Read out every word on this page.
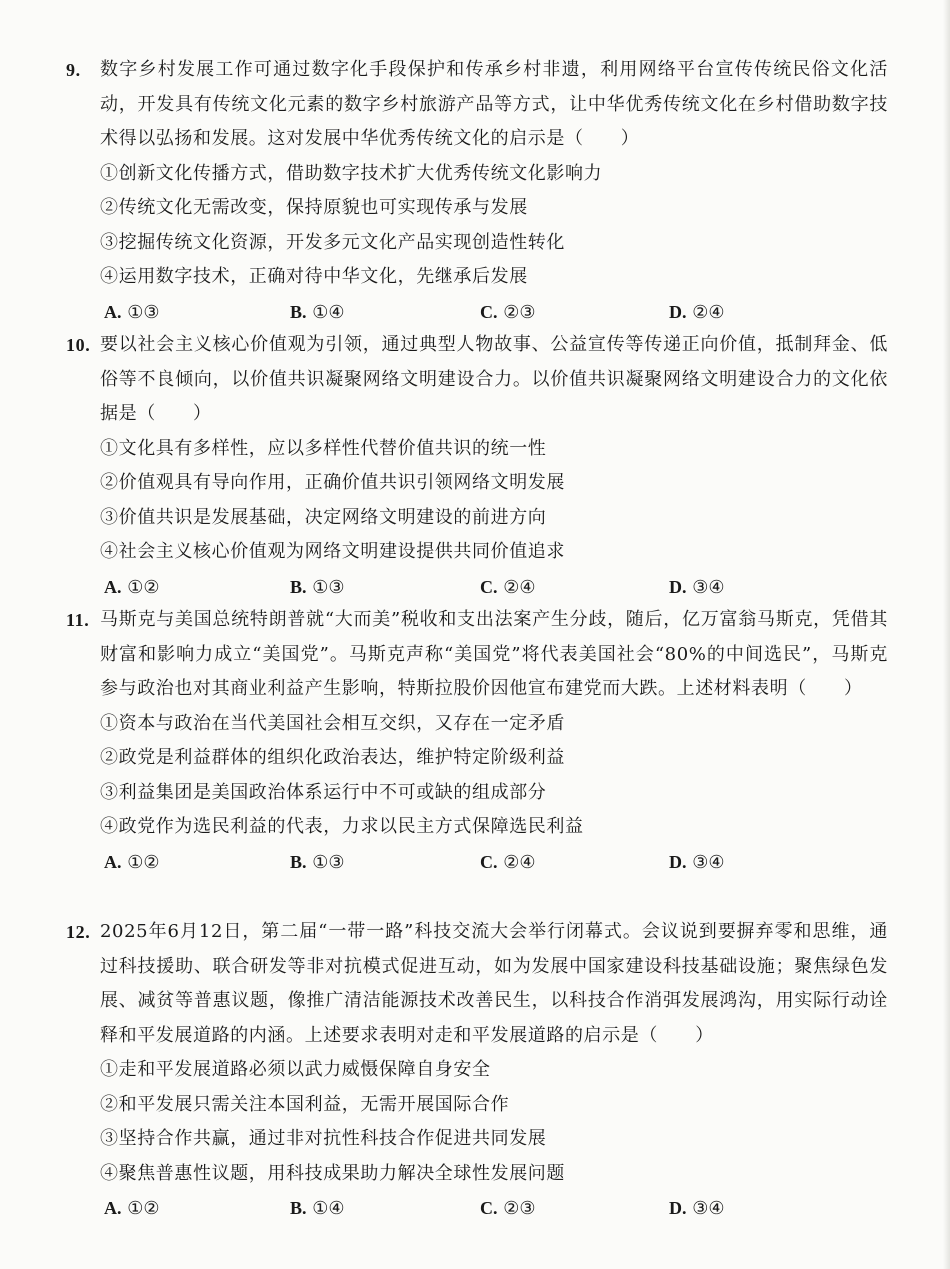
9. 数字乡村发展工作可通过数字化手段保护和传承乡村非遗，利用网络平台宣传传统民俗文化活动，开发具有传统文化元素的数字乡村旅游产品等方式，让中华优秀传统文化在乡村借助数字技术得以弘扬和发展。这对发展中华优秀传统文化的启示是（　　）
①创新文化传播方式，借助数字技术扩大优秀传统文化影响力
②传统文化无需改变，保持原貌也可实现传承与发展
③挖掘传统文化资源，开发多元文化产品实现创造性转化
④运用数字技术，正确对待中华文化，先继承后发展
A. ①③	B. ①④	C. ②③	D. ②④
10. 要以社会主义核心价值观为引领，通过典型人物故事、公益宣传等传递正向价值，抵制拜金、低俗等不良倾向，以价值共识凝聚网络文明建设合力。以价值共识凝聚网络文明建设合力的文化依据是（　　）
①文化具有多样性，应以多样性代替价值共识的统一性
②价值观具有导向作用，正确价值共识引领网络文明发展
③价值共识是发展基础，决定网络文明建设的前进方向
④社会主义核心价值观为网络文明建设提供共同价值追求
A. ①②	B. ①③	C. ②④	D. ③④
11. 马斯克与美国总统特朗普就“大而美”税收和支出法案产生分歧，随后，亿万富翁马斯克，凭借其财富和影响力成立“美国党”。马斯克声称“美国党”将代表美国社会“80%的中间选民”，马斯克参与政治也对其商业利益产生影响，特斯拉股价因他宣布建党而大跌。上述材料表明（　　）
①资本与政治在当代美国社会相互交织，又存在一定矛盾
②政党是利益群体的组织化政治表达，维护特定阶级利益
③利益集团是美国政治体系运行中不可或缺的组成部分
④政党作为选民利益的代表，力求以民主方式保障选民利益
A. ①②	B. ①③	C. ②④	D. ③④
12. 2025年6月12日，第二届“一带一路”科技交流大会举行闭幕式。会议说到要摒弃零和思维，通过科技援助、联合研发等非对抗模式促进互动，如为发展中国家建设科技基础设施；聚焦绿色发展、减贫等普惠议题，像推广清洁能源技术改善民生，以科技合作消弭发展鸿沟，用实际行动诠释和平发展道路的内涵。上述要求表明对走和平发展道路的启示是（　　）
①走和平发展道路必须以武力威慑保障自身安全
②和平发展只需关注本国利益，无需开展国际合作
③坚持合作共赢，通过非对抗性科技合作促进共同发展
④聚焦普惠性议题，用科技成果助力解决全球性发展问题
A. ①②	B. ①④	C. ②③	D. ③④
